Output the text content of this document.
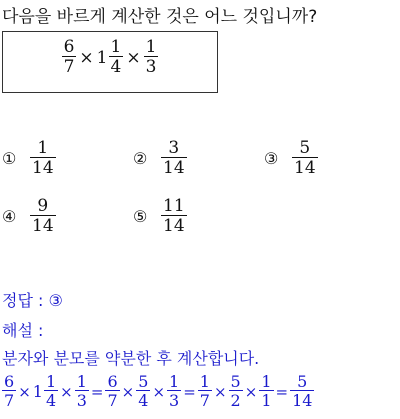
다음을 바르게 계산한 것은 어느 것입니까?
$\frac{6}{7} \times 1 \frac{1}{4} \times \frac{1}{3}$
① $\frac{1}{14}$	② $\frac{3}{14}$	③ $\frac{5}{14}$
④ $\frac{9}{14}$	⑤ $\frac{11}{14}$
정답 : ③
해설 :
분자와 분모를 약분한 후 계산합니다.
$\frac{6}{7} \times 1 \frac{1}{4} \times \frac{1}{3} = \frac{6}{7} \times \frac{5}{4} \times \frac{1}{3} = \frac{1}{7} \times \frac{5}{2} \times \frac{1}{1} = \frac{5}{14}$
